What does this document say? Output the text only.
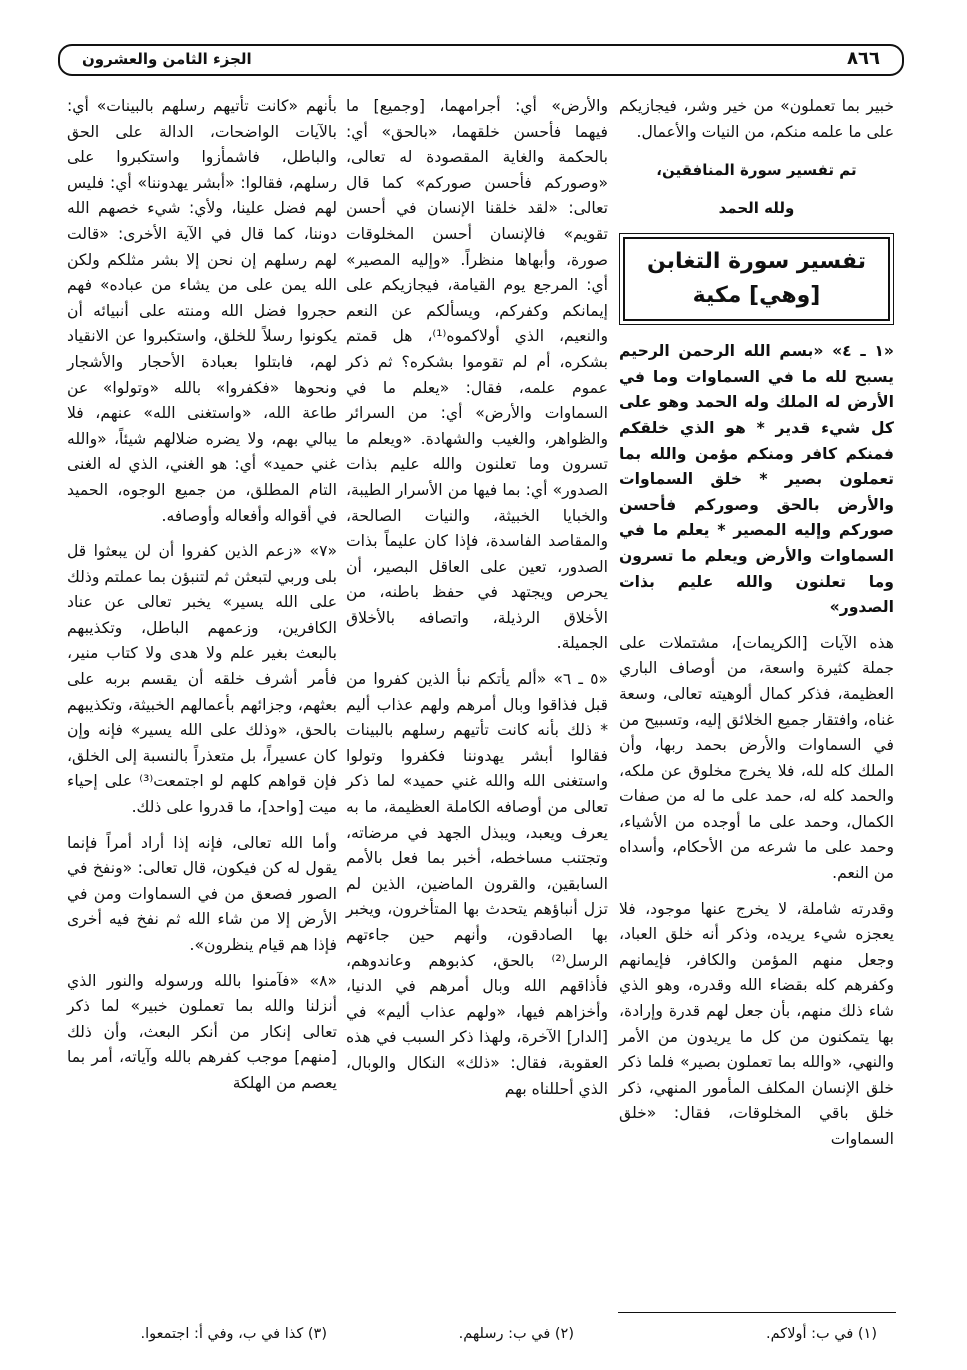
٨٦٦
الجزء الثامن والعشرون

خبير بما تعملون» من خير وشر، فيجازيكم على ما علمه منكم، من النيات والأعمال.

تم تفسير سورة المنافقين،
ولله الحمد
تفسير سورة التغابن
[وهي] مكية

«١ ـ ٤» «بسم الله الرحمن الرحيم يسبح لله ما في السماوات وما في الأرض له الملك وله الحمد وهو على كل شيء قدير * هو الذي خلقكم فمنكم كافر ومنكم مؤمن والله بما تعملون بصير * خلق السماوات والأرض بالحق وصوركم فأحسن صوركم وإليه المصير * يعلم ما في السماوات والأرض ويعلم ما تسرون وما تعلنون والله عليم بذات الصدور»

هذه الآيات [الكريمات]، مشتملات على جملة كثيرة واسعة، من أوصاف الباري العظيمة، فذكر كمال ألوهيته تعالى، وسعة غناه، وافتقار جميع الخلائق إليه، وتسبيح من في السماوات والأرض بحمد ربها، وأن الملك كله لله، فلا يخرج مخلوق عن ملكه، والحمد كله له، حمد على ما له من صفات الكمال، وحمد على ما أوجده من الأشياء، وحمد على ما شرعه من الأحكام، وأسداه من النعم.

وقدرته شاملة، لا يخرج عنها موجود، فلا يعجزه شيء يريده، وذكر أنه خلق العباد، وجعل منهم المؤمن والكافر، فإيمانهم وكفرهم كله بقضاء الله وقدره، وهو الذي شاء ذلك منهم، بأن جعل لهم قدرة وإرادة، بها يتمكنون من كل ما يريدون من الأمر والنهي، «والله بما تعملون بصير» فلما ذكر خلق الإنسان المكلف المأمور المنهي، ذكر خلق باقي المخلوقات، فقال: «خلق السماوات

والأرض» أي: أجرامهما، [وجميع] ما فيهما فأحسن خلقهما، «بالحق» أي: بالحكمة والغاية المقصودة له تعالى، «وصوركم فأحسن صوركم» كما قال تعالى: «لقد خلقنا الإنسان في أحسن تقويم» فالإنسان أحسن المخلوقات صورة، وأبهاها منظراً. «وإليه المصير» أي: المرجع يوم القيامة، فيجازيكم على إيمانكم وكفركم، ويسألكم عن النعم والنعيم، الذي أولاكموه⁽¹⁾، هل قمتم بشكره، أم لم تقوموا بشكره؟ ثم ذكر عموم علمه، فقال: «يعلم ما في السماوات والأرض» أي: من السرائر والظواهر، والغيب والشهادة. «ويعلم ما تسرون وما تعلنون والله عليم بذات الصدور» أي: بما فيها من الأسرار الطيبة، والخبايا الخبيثة، والنيات الصالحة، والمقاصد الفاسدة، فإذا كان عليماً بذات الصدور، تعين على العاقل البصير، أن يحرص ويجتهد في حفظ باطنه، من الأخلاق الرذيلة، واتصافه بالأخلاق الجميلة.

«٥ ـ ٦» «ألم يأتكم نبأ الذين كفروا من قبل فذاقوا وبال أمرهم ولهم عذاب أليم * ذلك بأنه كانت تأتيهم رسلهم بالبينات فقالوا أبشر يهدوننا فكفروا وتولوا واستغنى الله والله غني حميد» لما ذكر تعالى من أوصافه الكاملة العظيمة، ما به يعرف ويعبد، ويبذل الجهد في مرضاته، وتجتنب مساخطه، أخبر بما فعل بالأمم السابقين، والقرون الماضين، الذين لم تزل أنباؤهم يتحدث بها المتأخرون، ويخبر بها الصادقون، وأنهم حين جاءتهم الرسل⁽²⁾ بالحق، كذبوهم وعاندوهم، فأذاقهم الله وبال أمرهم في الدنيا، وأخزاهم فيها، «ولهم عذاب أليم» في [الدار] الآخرة، ولهذا ذكر السبب في هذه العقوبة، فقال: «ذلك» النكال والوبال، الذي أحللناه بهم

بأنهم «كانت تأتيهم رسلهم بالبينات» أي: بالآيات الواضحات، الدالة على الحق والباطل، فاشمأزوا واستكبروا على رسلهم، فقالوا: «أبشر يهدوننا» أي: فليس لهم فضل علينا، ولأي: شيء خصهم الله دوننا، كما قال في الآية الأخرى: «قالت لهم رسلهم إن نحن إلا بشر مثلكم ولكن الله يمن على من يشاء من عباده» فهم حجروا فضل الله ومنته على أنبيائه أن يكونوا رسلاً للخلق، واستكبروا عن الانقياد لهم، فابتلوا بعبادة الأحجار والأشجار ونحوها «فكفروا» بالله «وتولوا» عن طاعة الله، «واستغنى الله» عنهم، فلا يبالي بهم، ولا يضره ضلالهم شيئاً، «والله غني حميد» أي: هو الغني، الذي له الغنى التام المطلق، من جميع الوجوه، الحميد في أقواله وأفعاله وأوصافه.

«٧» «زعم الذين كفروا أن لن يبعثوا قل بلى وربي لتبعثن ثم لتنبؤن بما عملتم وذلك على الله يسير» يخبر تعالى عن عناد الكافرين، وزعمهم الباطل، وتكذيبهم بالبعث بغير علم ولا هدى ولا كتاب منير، فأمر أشرف خلقه أن يقسم بربه على بعثهم، وجزائهم بأعمالهم الخبيثة، وتكذيبهم بالحق، «وذلك على الله يسير» فإنه وإن كان عسيراً، بل متعذراً بالنسبة إلى الخلق، فإن قواهم كلهم لو اجتمعت⁽³⁾ على إحياء ميت [واحد]، ما قدروا على ذلك.

وأما الله تعالى، فإنه إذا أراد أمراً فإنما يقول له كن فيكون، قال تعالى: «ونفخ في الصور فصعق من في السماوات ومن في الأرض إلا من شاء الله ثم نفخ فيه أخرى فإذا هم قيام ينظرون».

«٨» «فآمنوا بالله ورسوله والنور الذي أنزلنا والله بما تعملون خبير» لما ذكر تعالى إنكار من أنكر البعث، وأن ذلك [منهم] موجب كفرهم بالله وآياته، أمر بما يعصم من الهلكة

(١) في ب: أولاكم.
(٢) في ب: رسلهم.
(٣) كذا في ب، وفي أ: اجتمعوا.
